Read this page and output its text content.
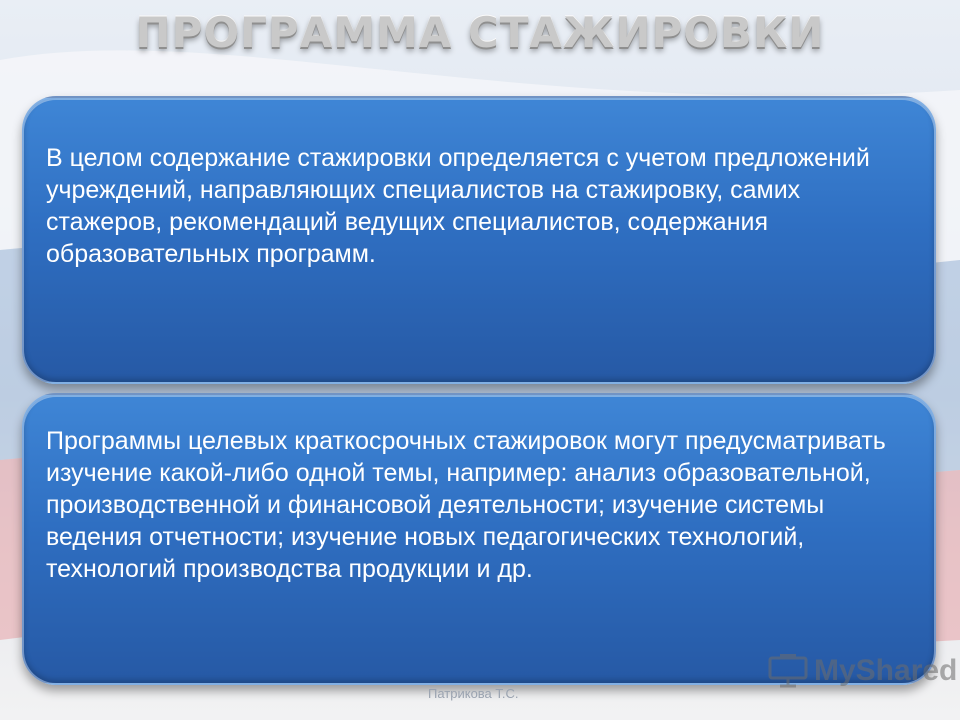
ПРОГРАММА СТАЖИРОВКИ

В целом содержание стажировки определяется с учетом предложений учреждений, направляющих специалистов на стажировку, самих стажеров, рекомендаций ведущих специалистов, содержания образовательных программ.

Программы целевых краткосрочных стажировок могут предусматривать изучение какой-либо одной темы, например: анализ образовательной, производственной и финансовой деятельности; изучение системы ведения отчетности; изучение новых педагогических технологий, технологий производства продукции и др.

Патрикова Т.С.
MyShared
